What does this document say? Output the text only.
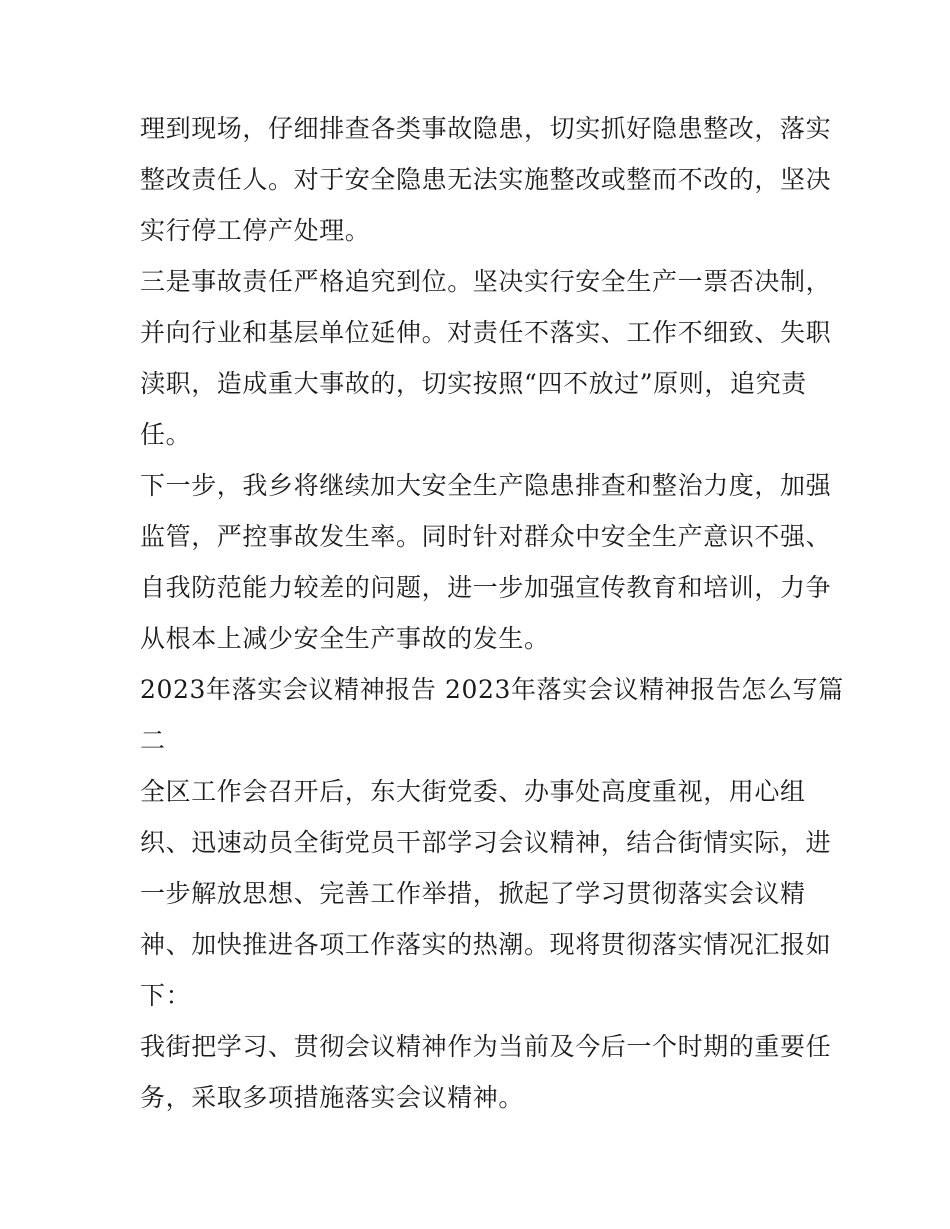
理到现场，仔细排查各类事故隐患，切实抓好隐患整改，落实
整改责任人。对于安全隐患无法实施整改或整而不改的，坚决
实行停工停产处理。
三是事故责任严格追究到位。坚决实行安全生产一票否决制，
并向行业和基层单位延伸。对责任不落实、工作不细致、失职
渎职，造成重大事故的，切实按照“四不放过”原则，追究责
任。
下一步，我乡将继续加大安全生产隐患排查和整治力度，加强
监管，严控事故发生率。同时针对群众中安全生产意识不强、
自我防范能力较差的问题，进一步加强宣传教育和培训，力争
从根本上减少安全生产事故的发生。
2023年落实会议精神报告 2023年落实会议精神报告怎么写篇
二
全区工作会召开后，东大街党委、办事处高度重视，用心组
织、迅速动员全街党员干部学习会议精神，结合街情实际，进
一步解放思想、完善工作举措，掀起了学习贯彻落实会议精
神、加快推进各项工作落实的热潮。现将贯彻落实情况汇报如
下：
我街把学习、贯彻会议精神作为当前及今后一个时期的重要任
务，采取多项措施落实会议精神。
